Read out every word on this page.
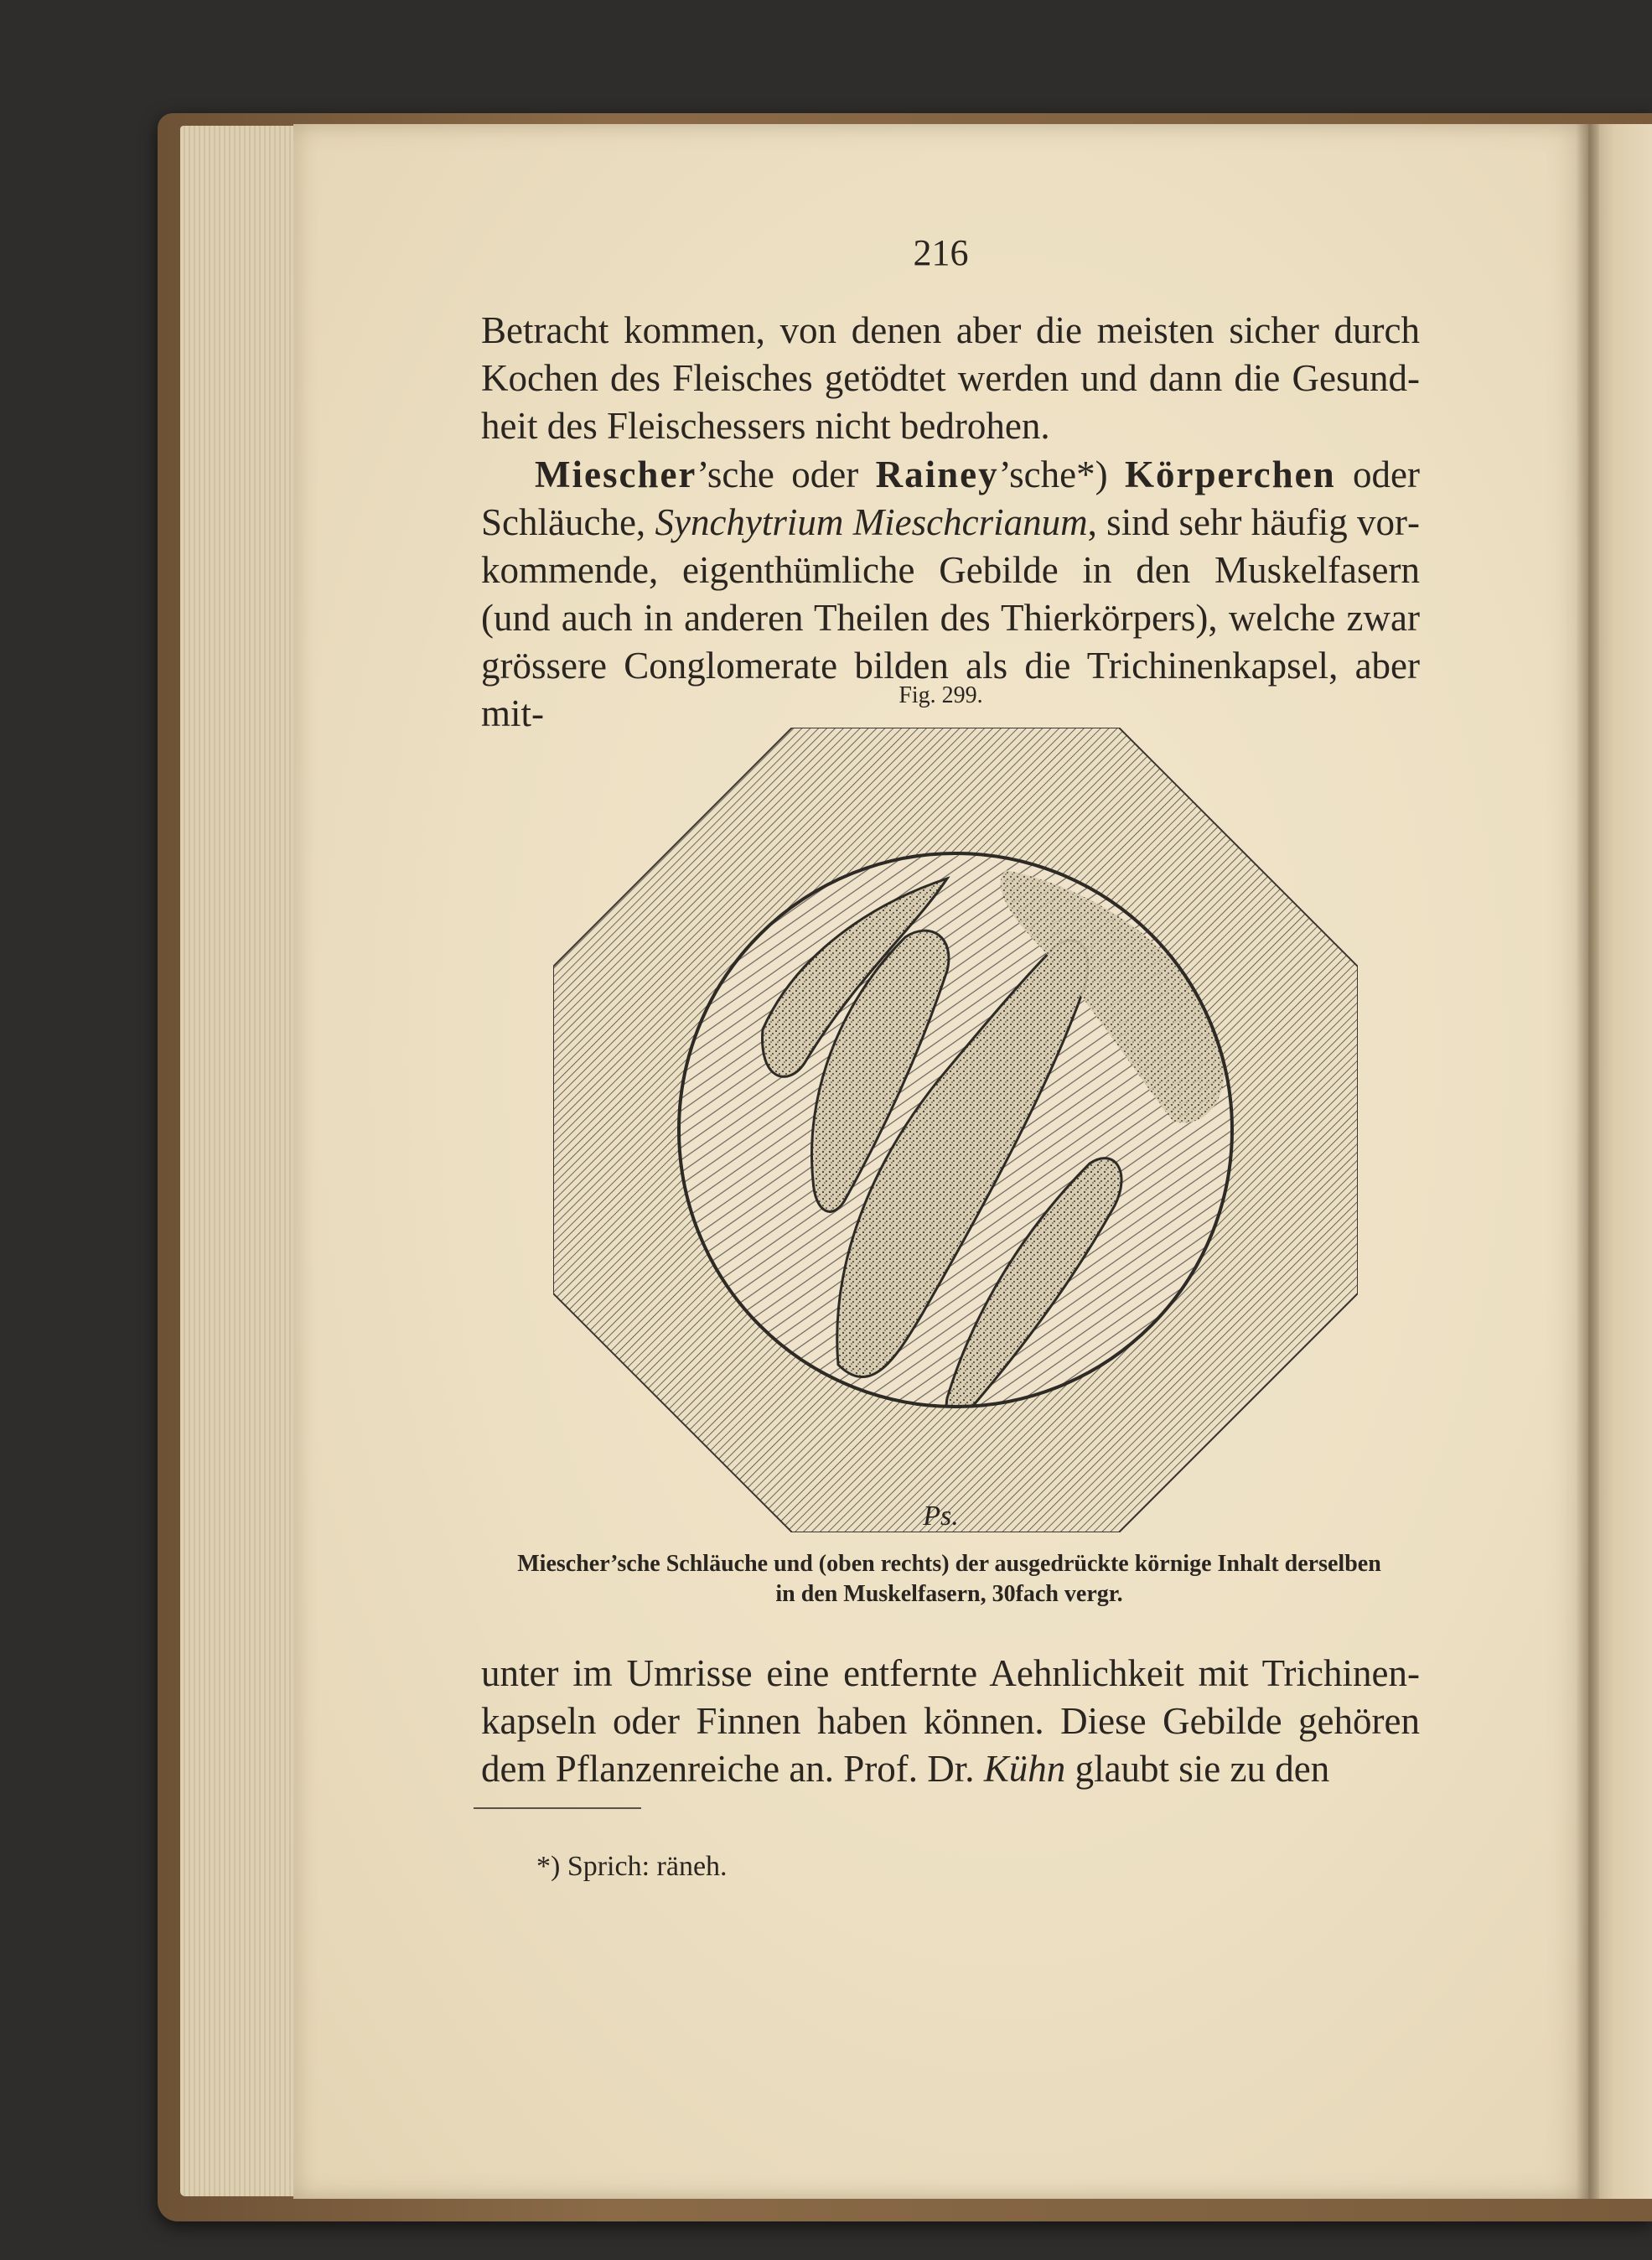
216
Betracht kommen, von denen aber die meisten sicher durch Kochen des Fleisches getödtet werden und dann die Gesundheit des Fleischessers nicht bedrohen.
Miescher’sche oder Rainey’sche*) Körperchen oder Schläuche, Synchytrium Mieschcrianum, sind sehr häufig vorkommende, eigenthümliche Gebilde in den Muskelfasern (und auch in anderen Theilen des Thierkörpers), welche zwar grössere Conglomerate bilden als die Trichinenkapsel, aber mit-	Fig. 299.
Ps.
Miescher’sche Schläuche und (oben rechts) der ausgedrückte körnige Inhalt derselben
in den Muskelfasern, 30fach vergr.
unter im Umrisse eine entfernte Aehnlichkeit mit Trichinenkapseln oder Finnen haben können. Diese Gebilde gehören dem Pflanzenreiche an. Prof. Dr. Kühn glaubt sie zu den
*) Sprich: räneh.
